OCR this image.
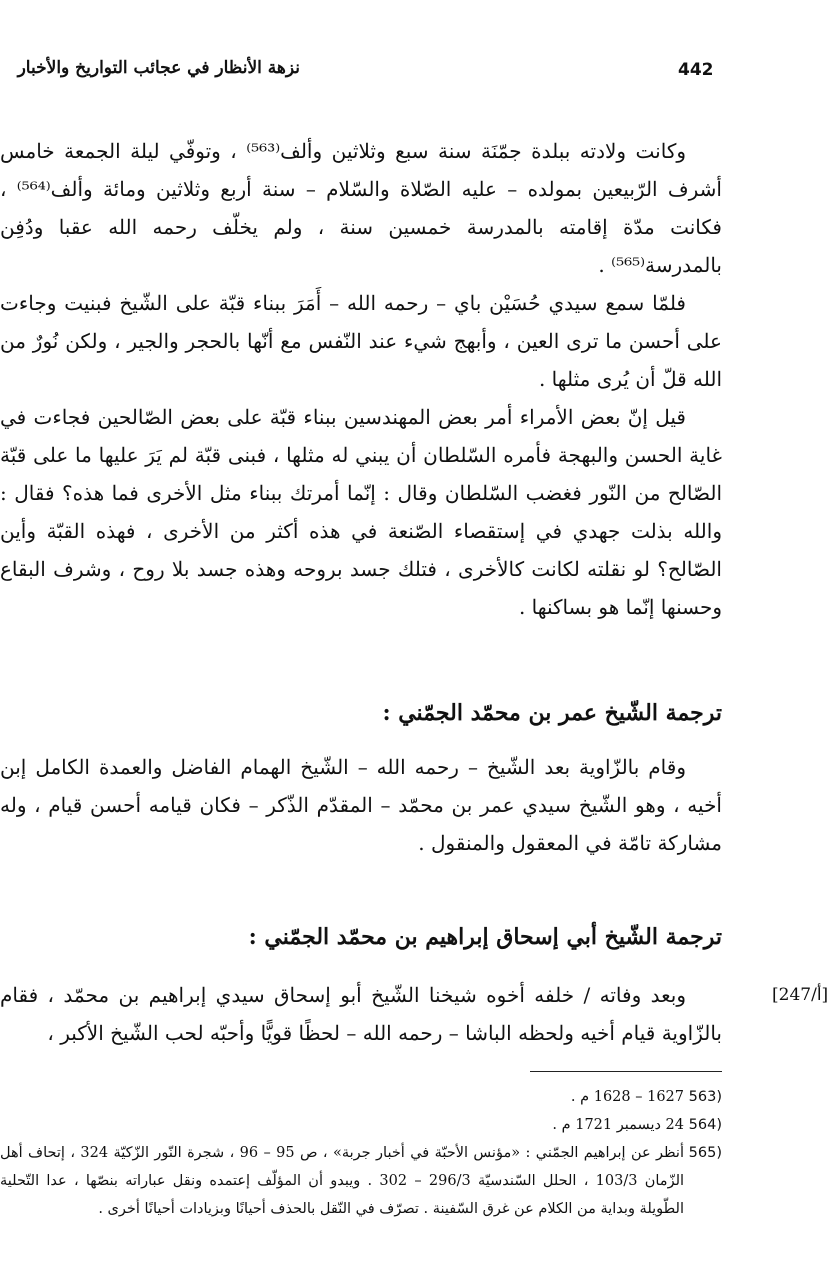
442
نزهة الأنظار في عجائب التواريخ والأخبار

وكانت ولادته ببلدة جمّنَة سنة سبع وثلاثين وألف⁽⁵⁶³⁾ ، وتوفّي ليلة الجمعة خامس أشرف الرّبيعين بمولده – عليه الصّلاة والسّلام – سنة أربع وثلاثين ومائة وألف⁽⁵⁶⁴⁾ ، فكانت مدّة إقامته بالمدرسة خمسين سنة ، ولم يخلّف رحمه الله عقبا ودُفِن بالمدرسة⁽⁵⁶⁵⁾ .

فلمّا سمع سيدي حُسَيْن باي – رحمه الله – أَمَرَ ببناء قبّة على الشّيخ فبنيت وجاءت على أحسن ما ترى العين ، وأبهج شيء عند النّفس مع أنّها بالحجر والجير ، ولكن نُورٌ من الله قلّ أن يُرى مثلها .

قيل إنّ بعض الأمراء أمر بعض المهندسين ببناء قبّة على بعض الصّالحين فجاءت في غاية الحسن والبهجة فأمره السّلطان أن يبني له مثلها ، فبنى قبّة لم يَرَ عليها ما على قبّة الصّالح من النّور فغضب السّلطان وقال : إنّما أمرتك ببناء مثل الأخرى فما هذه؟ فقال : والله بذلت جهدي في إستقصاء الصّنعة في هذه أكثر من الأخرى ، فهذه القبّة وأين الصّالح؟ لو نقلته لكانت كالأخرى ، فتلك جسد بروحه وهذه جسد بلا روح ، وشرف البقاع وحسنها إنّما هو بساكنها .

ترجمة الشّيخ عمر بن محمّد الجمّني :

وقام بالزّاوية بعد الشّيخ – رحمه الله – الشّيخ الهمام الفاضل والعمدة الكامل إبن أخيه ، وهو الشّيخ سيدي عمر بن محمّد – المقدّم الذّكر – فكان قيامه أحسن قيام ، وله مشاركة تامّة في المعقول والمنقول .

ترجمة الشّيخ أبي إسحاق إبراهيم بن محمّد الجمّني :

وبعد وفاته / خلفه أخوه شيخنا الشّيخ أبو إسحاق سيدي إبراهيم بن محمّد ، فقام بالزّاوية قيام أخيه ولحظه الباشا – رحمه الله – لحظًا قويًّا وأحبّه لحب الشّيخ الأكبر ،

[247/أ]
(563
1627 – 1628 م .
(564
24 ديسمبر 1721 م .
(565
أنظر عن إبراهيم الجمّني : «مؤنس الأحبّة في أخبار جربة» ، ص 95 – 96 ، شجرة النّور الزّكيّة 324 ، إتحاف أهل الزّمان 103/3 ، الحلل السّندسيّة 296/3 – 302 . ويبدو أن المؤلّف إعتمده ونقل عباراته بنصّها ، عدا التّحلية الطّويلة وبداية من الكلام عن غرق السّفينة . تصرّف في النّقل بالحذف أحيانًا وبزيادات أحيانًا أخرى .
